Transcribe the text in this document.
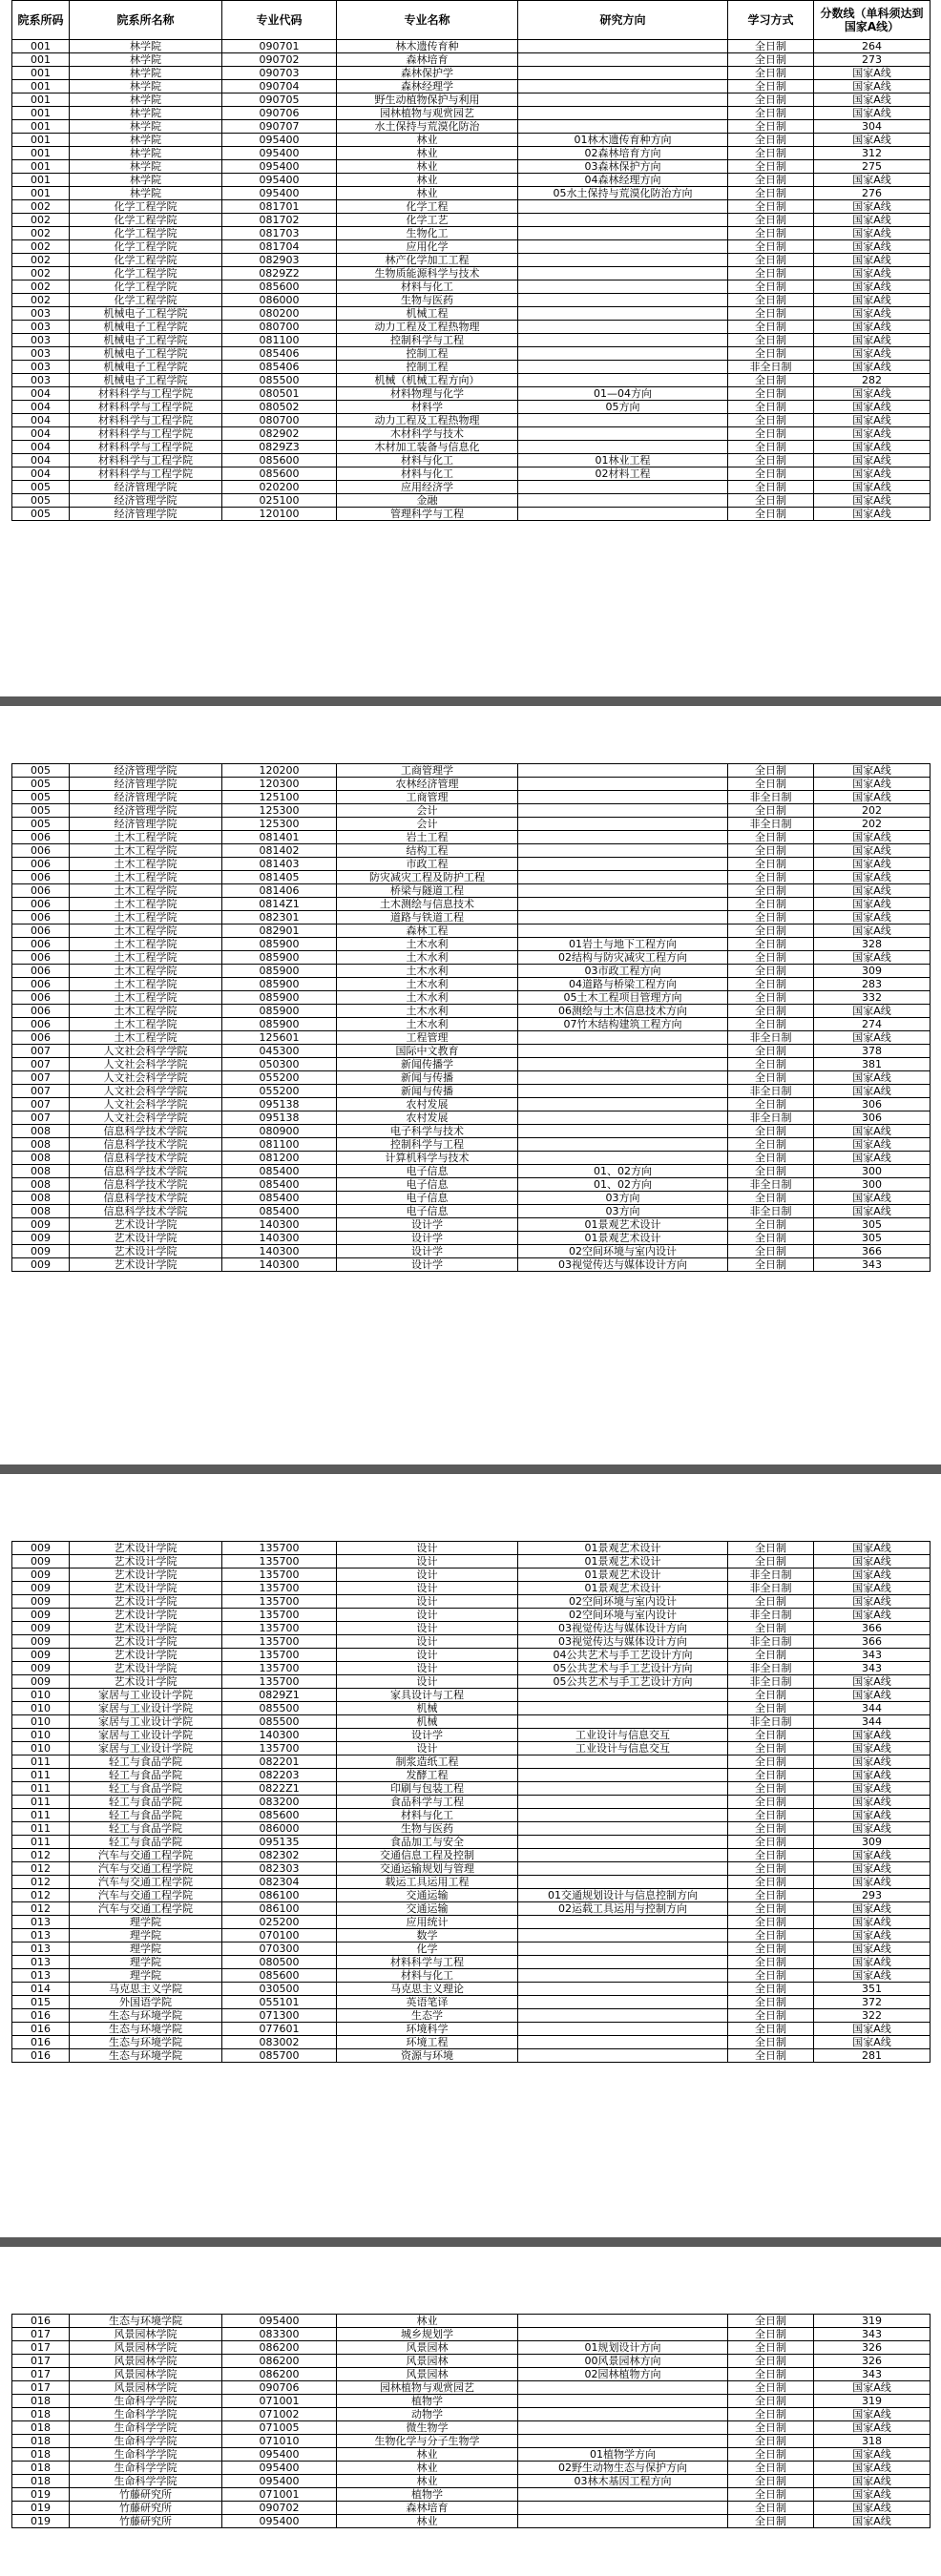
院系所码	院系所名称	专业代码	专业名称	研究方向	学习方式	分数线（单科须达到国家A线）
001	林学院	090701	林木遗传育种		全日制	264
001	林学院	090702	森林培育		全日制	273
001	林学院	090703	森林保护学		全日制	国家A线
001	林学院	090704	森林经理学		全日制	国家A线
001	林学院	090705	野生动植物保护与利用		全日制	国家A线
001	林学院	090706	园林植物与观赏园艺		全日制	国家A线
001	林学院	090707	水土保持与荒漠化防治		全日制	304
001	林学院	095400	林业	01林木遗传育种方向	全日制	国家A线
001	林学院	095400	林业	02森林培育方向	全日制	312
001	林学院	095400	林业	03森林保护方向	全日制	275
001	林学院	095400	林业	04森林经理方向	全日制	国家A线
001	林学院	095400	林业	05水土保持与荒漠化防治方向	全日制	276
002	化学工程学院	081701	化学工程		全日制	国家A线
002	化学工程学院	081702	化学工艺		全日制	国家A线
002	化学工程学院	081703	生物化工		全日制	国家A线
002	化学工程学院	081704	应用化学		全日制	国家A线
002	化学工程学院	082903	林产化学加工工程		全日制	国家A线
002	化学工程学院	0829Z2	生物质能源科学与技术		全日制	国家A线
002	化学工程学院	085600	材料与化工		全日制	国家A线
002	化学工程学院	086000	生物与医药		全日制	国家A线
003	机械电子工程学院	080200	机械工程		全日制	国家A线
003	机械电子工程学院	080700	动力工程及工程热物理		全日制	国家A线
003	机械电子工程学院	081100	控制科学与工程		全日制	国家A线
003	机械电子工程学院	085406	控制工程		全日制	国家A线
003	机械电子工程学院	085406	控制工程		非全日制	国家A线
003	机械电子工程学院	085500	机械（机械工程方向）		全日制	282
004	材料科学与工程学院	080501	材料物理与化学	01—04方向	全日制	国家A线
004	材料科学与工程学院	080502	材料学	05方向	全日制	国家A线
004	材料科学与工程学院	080700	动力工程及工程热物理		全日制	国家A线
004	材料科学与工程学院	082902	木材科学与技术		全日制	国家A线
004	材料科学与工程学院	0829Z3	木材加工装备与信息化		全日制	国家A线
004	材料科学与工程学院	085600	材料与化工	01林业工程	全日制	国家A线
004	材料科学与工程学院	085600	材料与化工	02材料工程	全日制	国家A线
005	经济管理学院	020200	应用经济学		全日制	国家A线
005	经济管理学院	025100	金融		全日制	国家A线
005	经济管理学院	120100	管理科学与工程		全日制	国家A线
005	经济管理学院	120200	工商管理学		全日制	国家A线
005	经济管理学院	120300	农林经济管理		全日制	国家A线
005	经济管理学院	125100	工商管理		非全日制	国家A线
005	经济管理学院	125300	会计		全日制	202
005	经济管理学院	125300	会计		非全日制	202
006	土木工程学院	081401	岩土工程		全日制	国家A线
006	土木工程学院	081402	结构工程		全日制	国家A线
006	土木工程学院	081403	市政工程		全日制	国家A线
006	土木工程学院	081405	防灾减灾工程及防护工程		全日制	国家A线
006	土木工程学院	081406	桥梁与隧道工程		全日制	国家A线
006	土木工程学院	0814Z1	土木测绘与信息技术		全日制	国家A线
006	土木工程学院	082301	道路与铁道工程		全日制	国家A线
006	土木工程学院	082901	森林工程		全日制	国家A线
006	土木工程学院	085900	土木水利	01岩土与地下工程方向	全日制	328
006	土木工程学院	085900	土木水利	02结构与防灾减灾工程方向	全日制	国家A线
006	土木工程学院	085900	土木水利	03市政工程方向	全日制	309
006	土木工程学院	085900	土木水利	04道路与桥梁工程方向	全日制	283
006	土木工程学院	085900	土木水利	05土木工程项目管理方向	全日制	332
006	土木工程学院	085900	土木水利	06测绘与土木信息技术方向	全日制	国家A线
006	土木工程学院	085900	土木水利	07竹木结构建筑工程方向	全日制	274
006	土木工程学院	125601	工程管理		非全日制	国家A线
007	人文社会科学学院	045300	国际中文教育		全日制	378
007	人文社会科学学院	050300	新闻传播学		全日制	381
007	人文社会科学学院	055200	新闻与传播		全日制	国家A线
007	人文社会科学学院	055200	新闻与传播		非全日制	国家A线
007	人文社会科学学院	095138	农村发展		全日制	306
007	人文社会科学学院	095138	农村发展		非全日制	306
008	信息科学技术学院	080900	电子科学与技术		全日制	国家A线
008	信息科学技术学院	081100	控制科学与工程		全日制	国家A线
008	信息科学技术学院	081200	计算机科学与技术		全日制	国家A线
008	信息科学技术学院	085400	电子信息	01、02方向	全日制	300
008	信息科学技术学院	085400	电子信息	01、02方向	非全日制	300
008	信息科学技术学院	085400	电子信息	03方向	全日制	国家A线
008	信息科学技术学院	085400	电子信息	03方向	非全日制	国家A线
009	艺术设计学院	140300	设计学	01景观艺术设计	全日制	305
009	艺术设计学院	140300	设计学	01景观艺术设计	全日制	305
009	艺术设计学院	140300	设计学	02空间环境与室内设计	全日制	366
009	艺术设计学院	140300	设计学	03视觉传达与媒体设计方向	全日制	343
009	艺术设计学院	135700	设计	01景观艺术设计	全日制	国家A线
009	艺术设计学院	135700	设计	01景观艺术设计	全日制	国家A线
009	艺术设计学院	135700	设计	01景观艺术设计	非全日制	国家A线
009	艺术设计学院	135700	设计	01景观艺术设计	非全日制	国家A线
009	艺术设计学院	135700	设计	02空间环境与室内设计	全日制	国家A线
009	艺术设计学院	135700	设计	02空间环境与室内设计	非全日制	国家A线
009	艺术设计学院	135700	设计	03视觉传达与媒体设计方向	全日制	366
009	艺术设计学院	135700	设计	03视觉传达与媒体设计方向	非全日制	366
009	艺术设计学院	135700	设计	04公共艺术与手工艺设计方向	全日制	343
009	艺术设计学院	135700	设计	05公共艺术与手工艺设计方向	非全日制	343
009	艺术设计学院	135700	设计	05公共艺术与手工艺设计方向	非全日制	国家A线
010	家居与工业设计学院	0829Z1	家具设计与工程		全日制	国家A线
010	家居与工业设计学院	085500	机械		全日制	344
010	家居与工业设计学院	085500	机械		非全日制	344
010	家居与工业设计学院	140300	设计学	工业设计与信息交互	全日制	国家A线
010	家居与工业设计学院	135700	设计	工业设计与信息交互	全日制	国家A线
011	轻工与食品学院	082201	制浆造纸工程		全日制	国家A线
011	轻工与食品学院	082203	发酵工程		全日制	国家A线
011	轻工与食品学院	0822Z1	印刷与包装工程		全日制	国家A线
011	轻工与食品学院	083200	食品科学与工程		全日制	国家A线
011	轻工与食品学院	085600	材料与化工		全日制	国家A线
011	轻工与食品学院	086000	生物与医药		全日制	国家A线
011	轻工与食品学院	095135	食品加工与安全		全日制	309
012	汽车与交通工程学院	082302	交通信息工程及控制		全日制	国家A线
012	汽车与交通工程学院	082303	交通运输规划与管理		全日制	国家A线
012	汽车与交通工程学院	082304	载运工具运用工程		全日制	国家A线
012	汽车与交通工程学院	086100	交通运输	01交通规划设计与信息控制方向	全日制	293
012	汽车与交通工程学院	086100	交通运输	02运载工具运用与控制方向	全日制	国家A线
013	理学院	025200	应用统计		全日制	国家A线
013	理学院	070100	数学		全日制	国家A线
013	理学院	070300	化学		全日制	国家A线
013	理学院	080500	材料科学与工程		全日制	国家A线
013	理学院	085600	材料与化工		全日制	国家A线
014	马克思主义学院	030500	马克思主义理论		全日制	351
015	外国语学院	055101	英语笔译		全日制	372
016	生态与环境学院	071300	生态学		全日制	322
016	生态与环境学院	077601	环境科学		全日制	国家A线
016	生态与环境学院	083002	环境工程		全日制	国家A线
016	生态与环境学院	085700	资源与环境		全日制	281
016	生态与环境学院	095400	林业		全日制	319
017	风景园林学院	083300	城乡规划学		全日制	343
017	风景园林学院	086200	风景园林	01规划设计方向	全日制	326
017	风景园林学院	086200	风景园林	00风景园林方向	全日制	326
017	风景园林学院	086200	风景园林	02园林植物方向	全日制	343
017	风景园林学院	090706	园林植物与观赏园艺		全日制	国家A线
018	生命科学学院	071001	植物学		全日制	319
018	生命科学学院	071002	动物学		全日制	国家A线
018	生命科学学院	071005	微生物学		全日制	国家A线
018	生命科学学院	071010	生物化学与分子生物学		全日制	318
018	生命科学学院	095400	林业	01植物学方向	全日制	国家A线
018	生命科学学院	095400	林业	02野生动物生态与保护方向	全日制	国家A线
018	生命科学学院	095400	林业	03林木基因工程方向	全日制	国家A线
019	竹藤研究所	071001	植物学		全日制	国家A线
019	竹藤研究所	090702	森林培育		全日制	国家A线
019	竹藤研究所	095400	林业		全日制	国家A线
